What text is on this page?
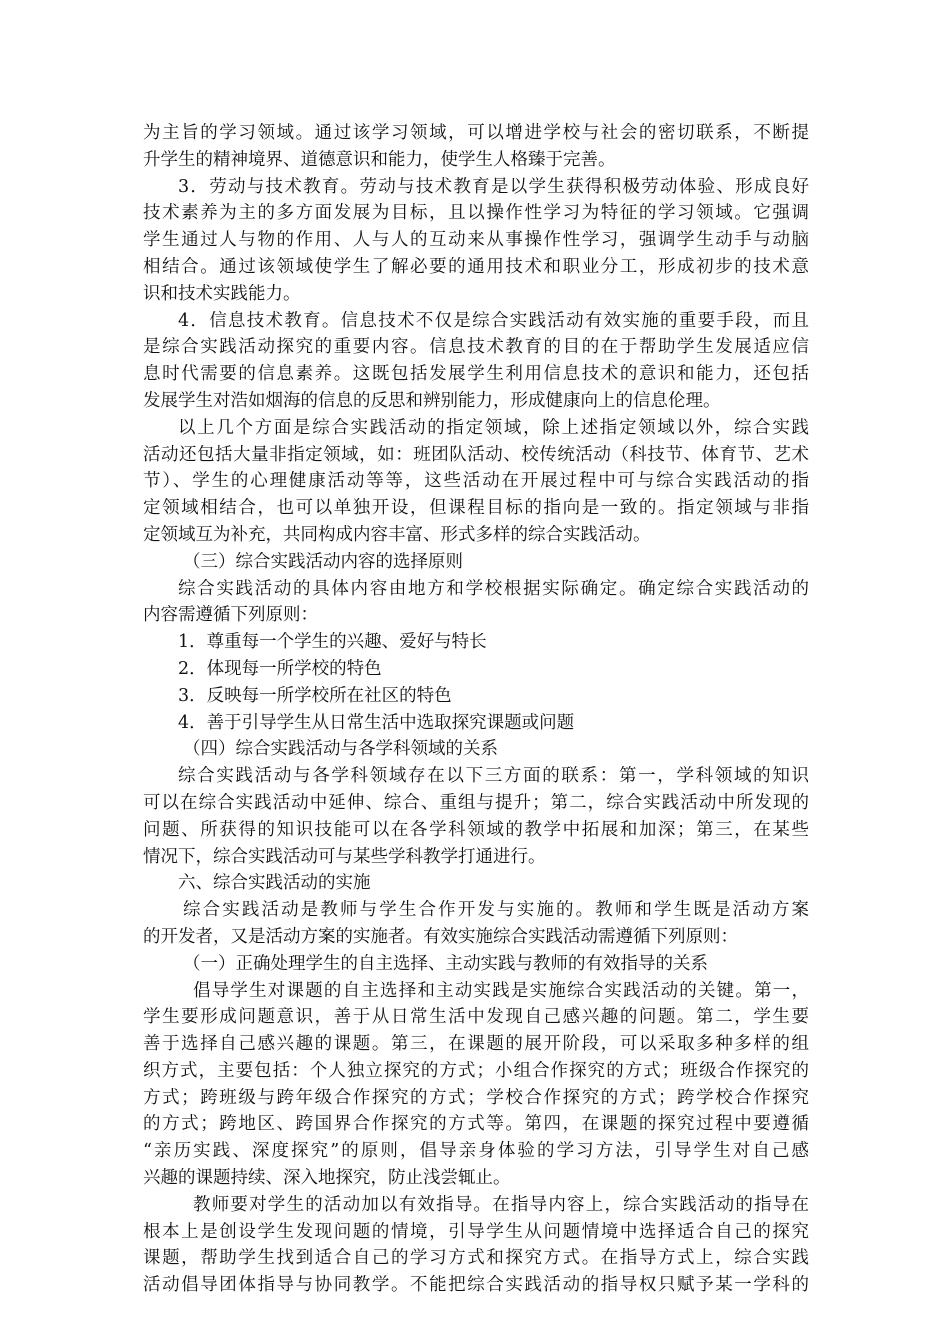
为主旨的学习领域。通过该学习领域，可以增进学校与社会的密切联系，不断提
升学生的精神境界、道德意识和能力，使学生人格臻于完善。
3．劳动与技术教育。劳动与技术教育是以学生获得积极劳动体验、形成良好
技术素养为主的多方面发展为目标，且以操作性学习为特征的学习领域。它强调
学生通过人与物的作用、人与人的互动来从事操作性学习，强调学生动手与动脑
相结合。通过该领域使学生了解必要的通用技术和职业分工，形成初步的技术意
识和技术实践能力。
4．信息技术教育。信息技术不仅是综合实践活动有效实施的重要手段，而且
是综合实践活动探究的重要内容。信息技术教育的目的在于帮助学生发展适应信
息时代需要的信息素养。这既包括发展学生利用信息技术的意识和能力，还包括
发展学生对浩如烟海的信息的反思和辨别能力，形成健康向上的信息伦理。
以上几个方面是综合实践活动的指定领域，除上述指定领域以外，综合实践
活动还包括大量非指定领域，如：班团队活动、校传统活动（科技节、体育节、艺术
节）、学生的心理健康活动等等，这些活动在开展过程中可与综合实践活动的指
定领域相结合，也可以单独开设，但课程目标的指向是一致的。指定领域与非指
定领域互为补充，共同构成内容丰富、形式多样的综合实践活动。
（三）综合实践活动内容的选择原则
综合实践活动的具体内容由地方和学校根据实际确定。确定综合实践活动的
内容需遵循下列原则：
1．尊重每一个学生的兴趣、爱好与特长
2．体现每一所学校的特色
3．反映每一所学校所在社区的特色
4．善于引导学生从日常生活中选取探究课题或问题
（四）综合实践活动与各学科领域的关系
综合实践活动与各学科领域存在以下三方面的联系：第一，学科领域的知识
可以在综合实践活动中延伸、综合、重组与提升；第二，综合实践活动中所发现的
问题、所获得的知识技能可以在各学科领域的教学中拓展和加深；第三，在某些
情况下，综合实践活动可与某些学科教学打通进行。
六、综合实践活动的实施
综合实践活动是教师与学生合作开发与实施的。教师和学生既是活动方案
的开发者，又是活动方案的实施者。有效实施综合实践活动需遵循下列原则：
（一）正确处理学生的自主选择、主动实践与教师的有效指导的关系
倡导学生对课题的自主选择和主动实践是实施综合实践活动的关键。第一，
学生要形成问题意识，善于从日常生活中发现自己感兴趣的问题。第二，学生要
善于选择自己感兴趣的课题。第三，在课题的展开阶段，可以采取多种多样的组
织方式，主要包括：个人独立探究的方式；小组合作探究的方式；班级合作探究的
方式；跨班级与跨年级合作探究的方式；学校合作探究的方式；跨学校合作探究
的方式；跨地区、跨国界合作探究的方式等。第四，在课题的探究过程中要遵循
“亲历实践、深度探究”的原则，倡导亲身体验的学习方法，引导学生对自己感
兴趣的课题持续、深入地探究，防止浅尝辄止。
教师要对学生的活动加以有效指导。在指导内容上，综合实践活动的指导在
根本上是创设学生发现问题的情境，引导学生从问题情境中选择适合自己的探究
课题，帮助学生找到适合自己的学习方式和探究方式。在指导方式上，综合实践
活动倡导团体指导与协同教学。不能把综合实践活动的指导权只赋予某一学科的
